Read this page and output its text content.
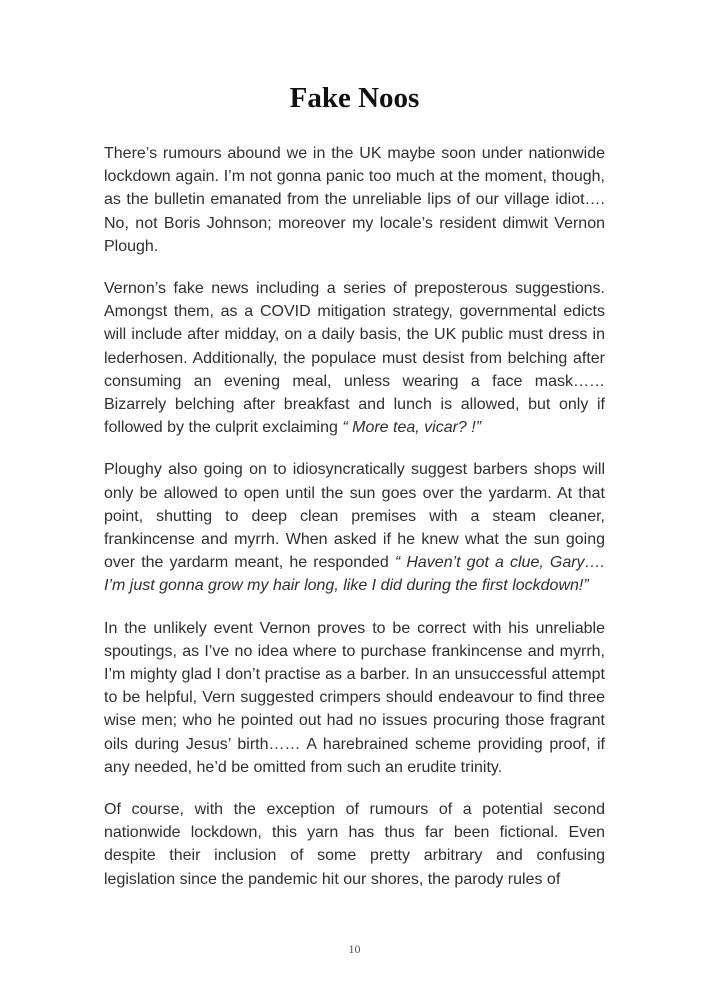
Fake Noos

There’s rumours abound we in the UK maybe soon under nationwide lockdown again. I’m not gonna panic too much at the moment, though, as the bulletin emanated from the unreliable lips of our village idiot…. No, not Boris Johnson; moreover my locale’s resident dimwit Vernon Plough.

Vernon’s fake news including a series of preposterous suggestions. Amongst them, as a COVID mitigation strategy, governmental edicts will include after midday, on a daily basis, the UK public must dress in lederhosen. Additionally, the populace must desist from belching after consuming an evening meal, unless wearing a face mask…… Bizarrely belching after breakfast and lunch is allowed, but only if followed by the culprit exclaiming “ More tea, vicar? !”

Ploughy also going on to idiosyncratically suggest barbers shops will only be allowed to open until the sun goes over the yardarm. At that point, shutting to deep clean premises with a steam cleaner, frankincense and myrrh. When asked if he knew what the sun going over the yardarm meant, he responded “ Haven’t got a clue, Gary…. I’m just gonna grow my hair long, like I did during the first lockdown!”

In the unlikely event Vernon proves to be correct with his unreliable spoutings, as I’ve no idea where to purchase frankincense and myrrh, I’m mighty glad I don’t practise as a barber. In an unsuccessful attempt to be helpful, Vern suggested crimpers should endeavour to find three wise men; who he pointed out had no issues procuring those fragrant oils during Jesus’ birth…… A harebrained scheme providing proof, if any needed, he’d be omitted from such an erudite trinity.

Of course, with the exception of rumours of a potential second nationwide lockdown, this yarn has thus far been fictional. Even despite their inclusion of some pretty arbitrary and confusing legislation since the pandemic hit our shores, the parody rules of

10
